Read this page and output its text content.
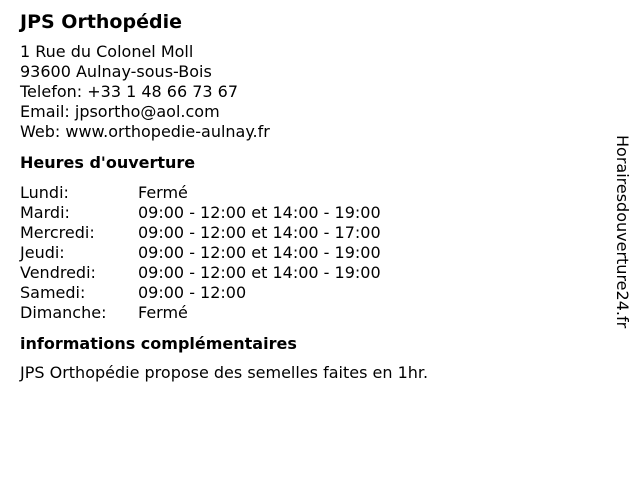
JPS Orthopédie
1 Rue du Colonel Moll
93600 Aulnay-sous-Bois
Telefon: +33 1 48 66 73 67
Email: jpsortho@aol.com
Web: www.orthopedie-aulnay.fr
Heures d'ouverture
Lundi:	Fermé
Mardi:	09:00 - 12:00 et 14:00 - 19:00
Mercredi:	09:00 - 12:00 et 14:00 - 17:00
Jeudi:	09:00 - 12:00 et 14:00 - 19:00
Vendredi:	09:00 - 12:00 et 14:00 - 19:00
Samedi:	09:00 - 12:00
Dimanche:	Fermé
informations complémentaires
JPS Orthopédie propose des semelles faites en 1hr.
Horairesdouverture24.fr
